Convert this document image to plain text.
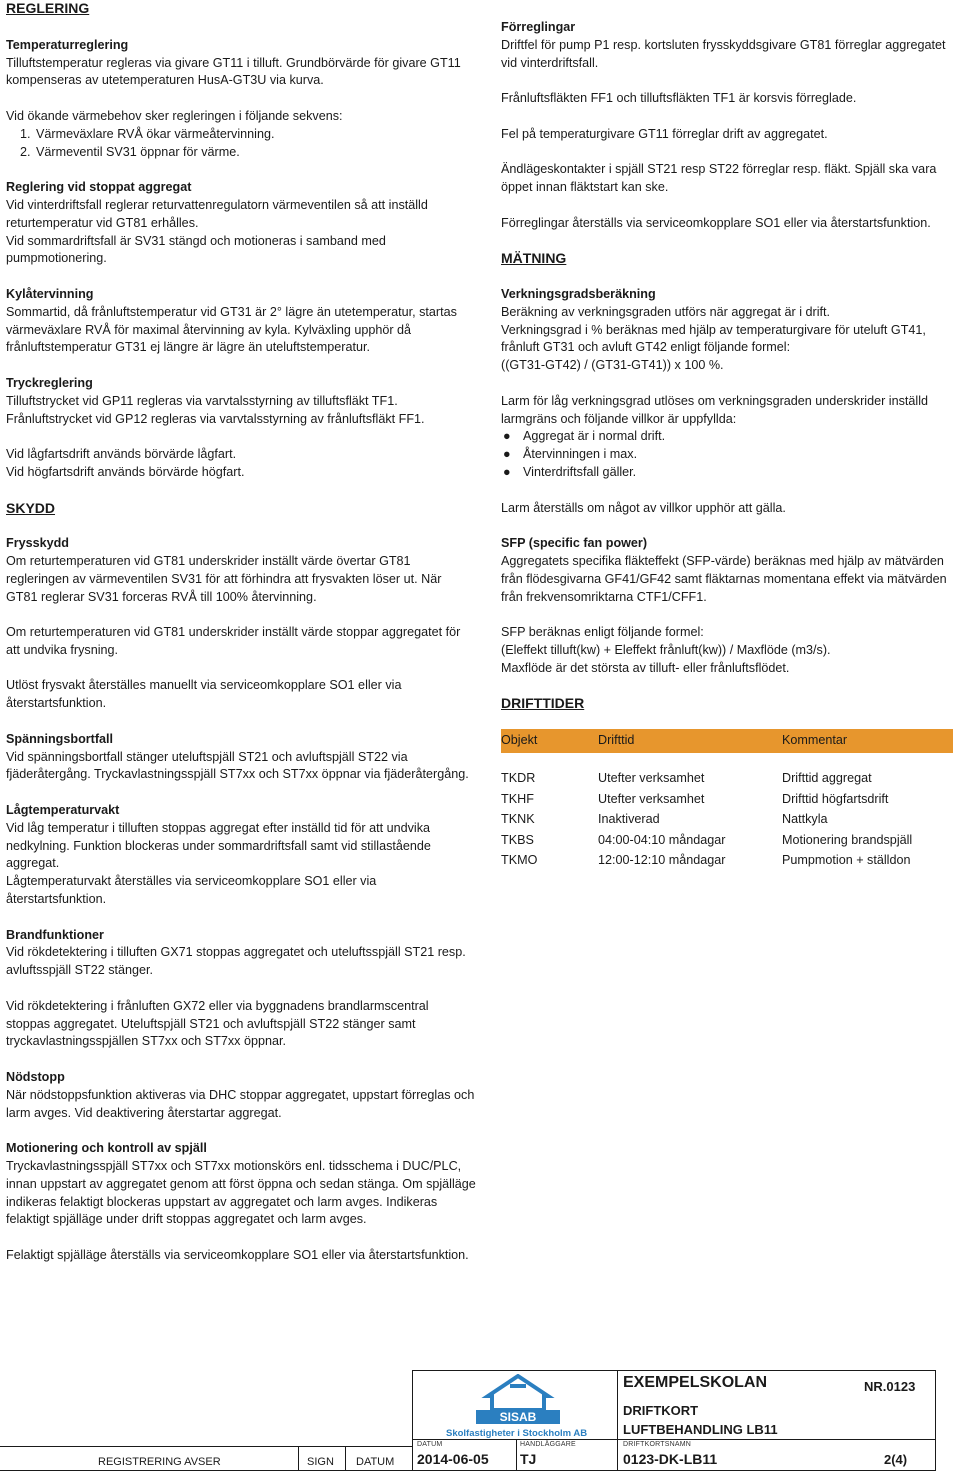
REGLERING

Temperaturreglering

Tilluftstemperatur regleras via givare GT11 i tilluft. Grundbörvärde för givare GT11 kompenseras av utetemperaturen HusA-GT3U via kurva.

Vid ökande värmebehov sker regleringen i följande sekvens:

1. Värmeväxlare RVÅ ökar värmeåtervinning.
2. Värmeventil SV31 öppnar för värme.

Reglering vid stoppat aggregat

Vid vinterdriftsfall reglerar returvattenregulatorn värmeventilen så att inställd returtemperatur vid GT81 erhålles.

Vid sommardriftsfall är SV31 stängd och motioneras i samband med pumpmotionering.

Kylåtervinning

Sommartid, då frånluftstemperatur vid GT31 är 2° lägre än utetemperatur, startas värmeväxlare RVÅ för maximal återvinning av kyla. Kylväxling upphör då frånluftstemperatur GT31 ej längre är lägre än uteluftstemperatur.

Tryckreglering

Tilluftstrycket vid GP11 regleras via varvtalsstyrning av tilluftsfläkt TF1.

Frånluftstrycket vid GP12 regleras via varvtalsstyrning av frånluftsfläkt FF1.

Vid lågfartsdrift används börvärde lågfart.

Vid högfartsdrift används börvärde högfart.

SKYDD

Frysskydd

Om returtemperaturen vid GT81 underskrider inställt värde övertar GT81 regleringen av värmeventilen SV31 för att förhindra att frysvakten löser ut. När GT81 reglerar SV31 forceras RVÅ till 100% återvinning.

Om returtemperaturen vid GT81 underskrider inställt värde stoppar aggregatet för att undvika frysning.

Utlöst frysvakt återställes manuellt via serviceomkopplare SO1 eller via återstartsfunktion.

Spänningsbortfall

Vid spänningsbortfall stänger uteluftspjäll ST21 och avluftspjäll ST22 via fjäderåtergång. Tryckavlastningsspjäll ST7xx och ST7xx öppnar via fjäderåtergång.

Lågtemperaturvakt

Vid låg temperatur i tilluften stoppas aggregat efter inställd tid för att undvika nedkylning. Funktion blockeras under sommardriftsfall samt vid stillastående aggregat.

Lågtemperaturvakt återställes via serviceomkopplare SO1 eller via återstartsfunktion.

Brandfunktioner

Vid rökdetektering i tilluften GX71 stoppas aggregatet och uteluftsspjäll ST21 resp. avluftsspjäll ST22 stänger.

Vid rökdetektering i frånluften GX72 eller via byggnadens brandlarmscentral stoppas aggregatet. Uteluftspjäll ST21 och avluftspjäll ST22 stänger samt tryckavlastningsspjällen ST7xx och ST7xx öppnar.

Nödstopp

När nödstoppsfunktion aktiveras via DHC stoppar aggregatet, uppstart förreglas och larm avges. Vid deaktivering återstartar aggregat.

Motionering och kontroll av spjäll

Tryckavlastningsspjäll ST7xx och ST7xx motionskörs enl. tidsschema i DUC/PLC, innan uppstart av aggregatet genom att först öppna och sedan stänga. Om spjälläge indikeras felaktigt blockeras uppstart av aggregatet och larm avges. Indikeras felaktigt spjälläge under drift stoppas aggregatet och larm avges.

Felaktigt spjälläge återställs via serviceomkopplare SO1 eller via återstartsfunktion.

Förreglingar

Driftfel för pump P1 resp. kortsluten frysskyddsgivare GT81 förreglar aggregatet vid vinterdriftsfall.

Frånluftsfläkten FF1 och tilluftsfläkten TF1 är korsvis förreglade.

Fel på temperaturgivare GT11 förreglar drift av aggregatet.

Ändlägeskontakter i spjäll ST21 resp ST22 förreglar resp. fläkt. Spjäll ska vara öppet innan fläktstart kan ske.

Förreglingar återställs via serviceomkopplare SO1 eller via återstartsfunktion.

MÄTNING

Verkningsgradsberäkning

Beräkning av verkningsgraden utförs när aggregat är i drift.

Verkningsgrad i % beräknas med hjälp av temperaturgivare för uteluft GT41, frånluft GT31 och avluft GT42 enligt följande formel:

((GT31-GT42) / (GT31-GT41)) x 100 %.

Larm för låg verkningsgrad utlöses om verkningsgraden underskrider inställd larmgräns och följande villkor är uppfyllda:

● Aggregat är i normal drift.
● Återvinningen i max.
● Vinterdriftsfall gäller.

Larm återställs om något av villkor upphör att gälla.

SFP (specific fan power)

Aggregatets specifika fläkteffekt (SFP-värde) beräknas med hjälp av mätvärden från flödesgivarna GF41/GF42 samt fläktarnas momentana effekt via mätvärden från frekvensomriktarna CTF1/CFF1.

SFP beräknas enligt följande formel:

(Eleffekt tilluft(kw) + Eleffekt frånluft(kw)) / Maxflöde (m3/s).

Maxflöde är det största av tilluft- eller frånluftsflödet.

DRIFTTIDER

Objekt	Drifttid	Kommentar

TKDR	Utefter verksamhet	Drifttid aggregat
TKHF	Utefter verksamhet	Drifttid högfartsdrift
TKNK	Inaktiverad	Nattkyla
TKBS	04:00-04:10 måndagar	Motionering brandspjäll
TKMO	12:00-12:10 måndagar	Pumpmotion + ställdon
SISAB
Skolfastigheter i Stockholm AB
EXEMPELSKOLAN	NR.0123
DRIFTKORT
LUFTBEHANDLING LB11
DATUM	HANDLÄGGARE	DRIFTKORTSNAMN
2014-06-05 TJ	0123-DK-LB11	2(4)
REGISTRERING AVSER	SIGN DATUM
